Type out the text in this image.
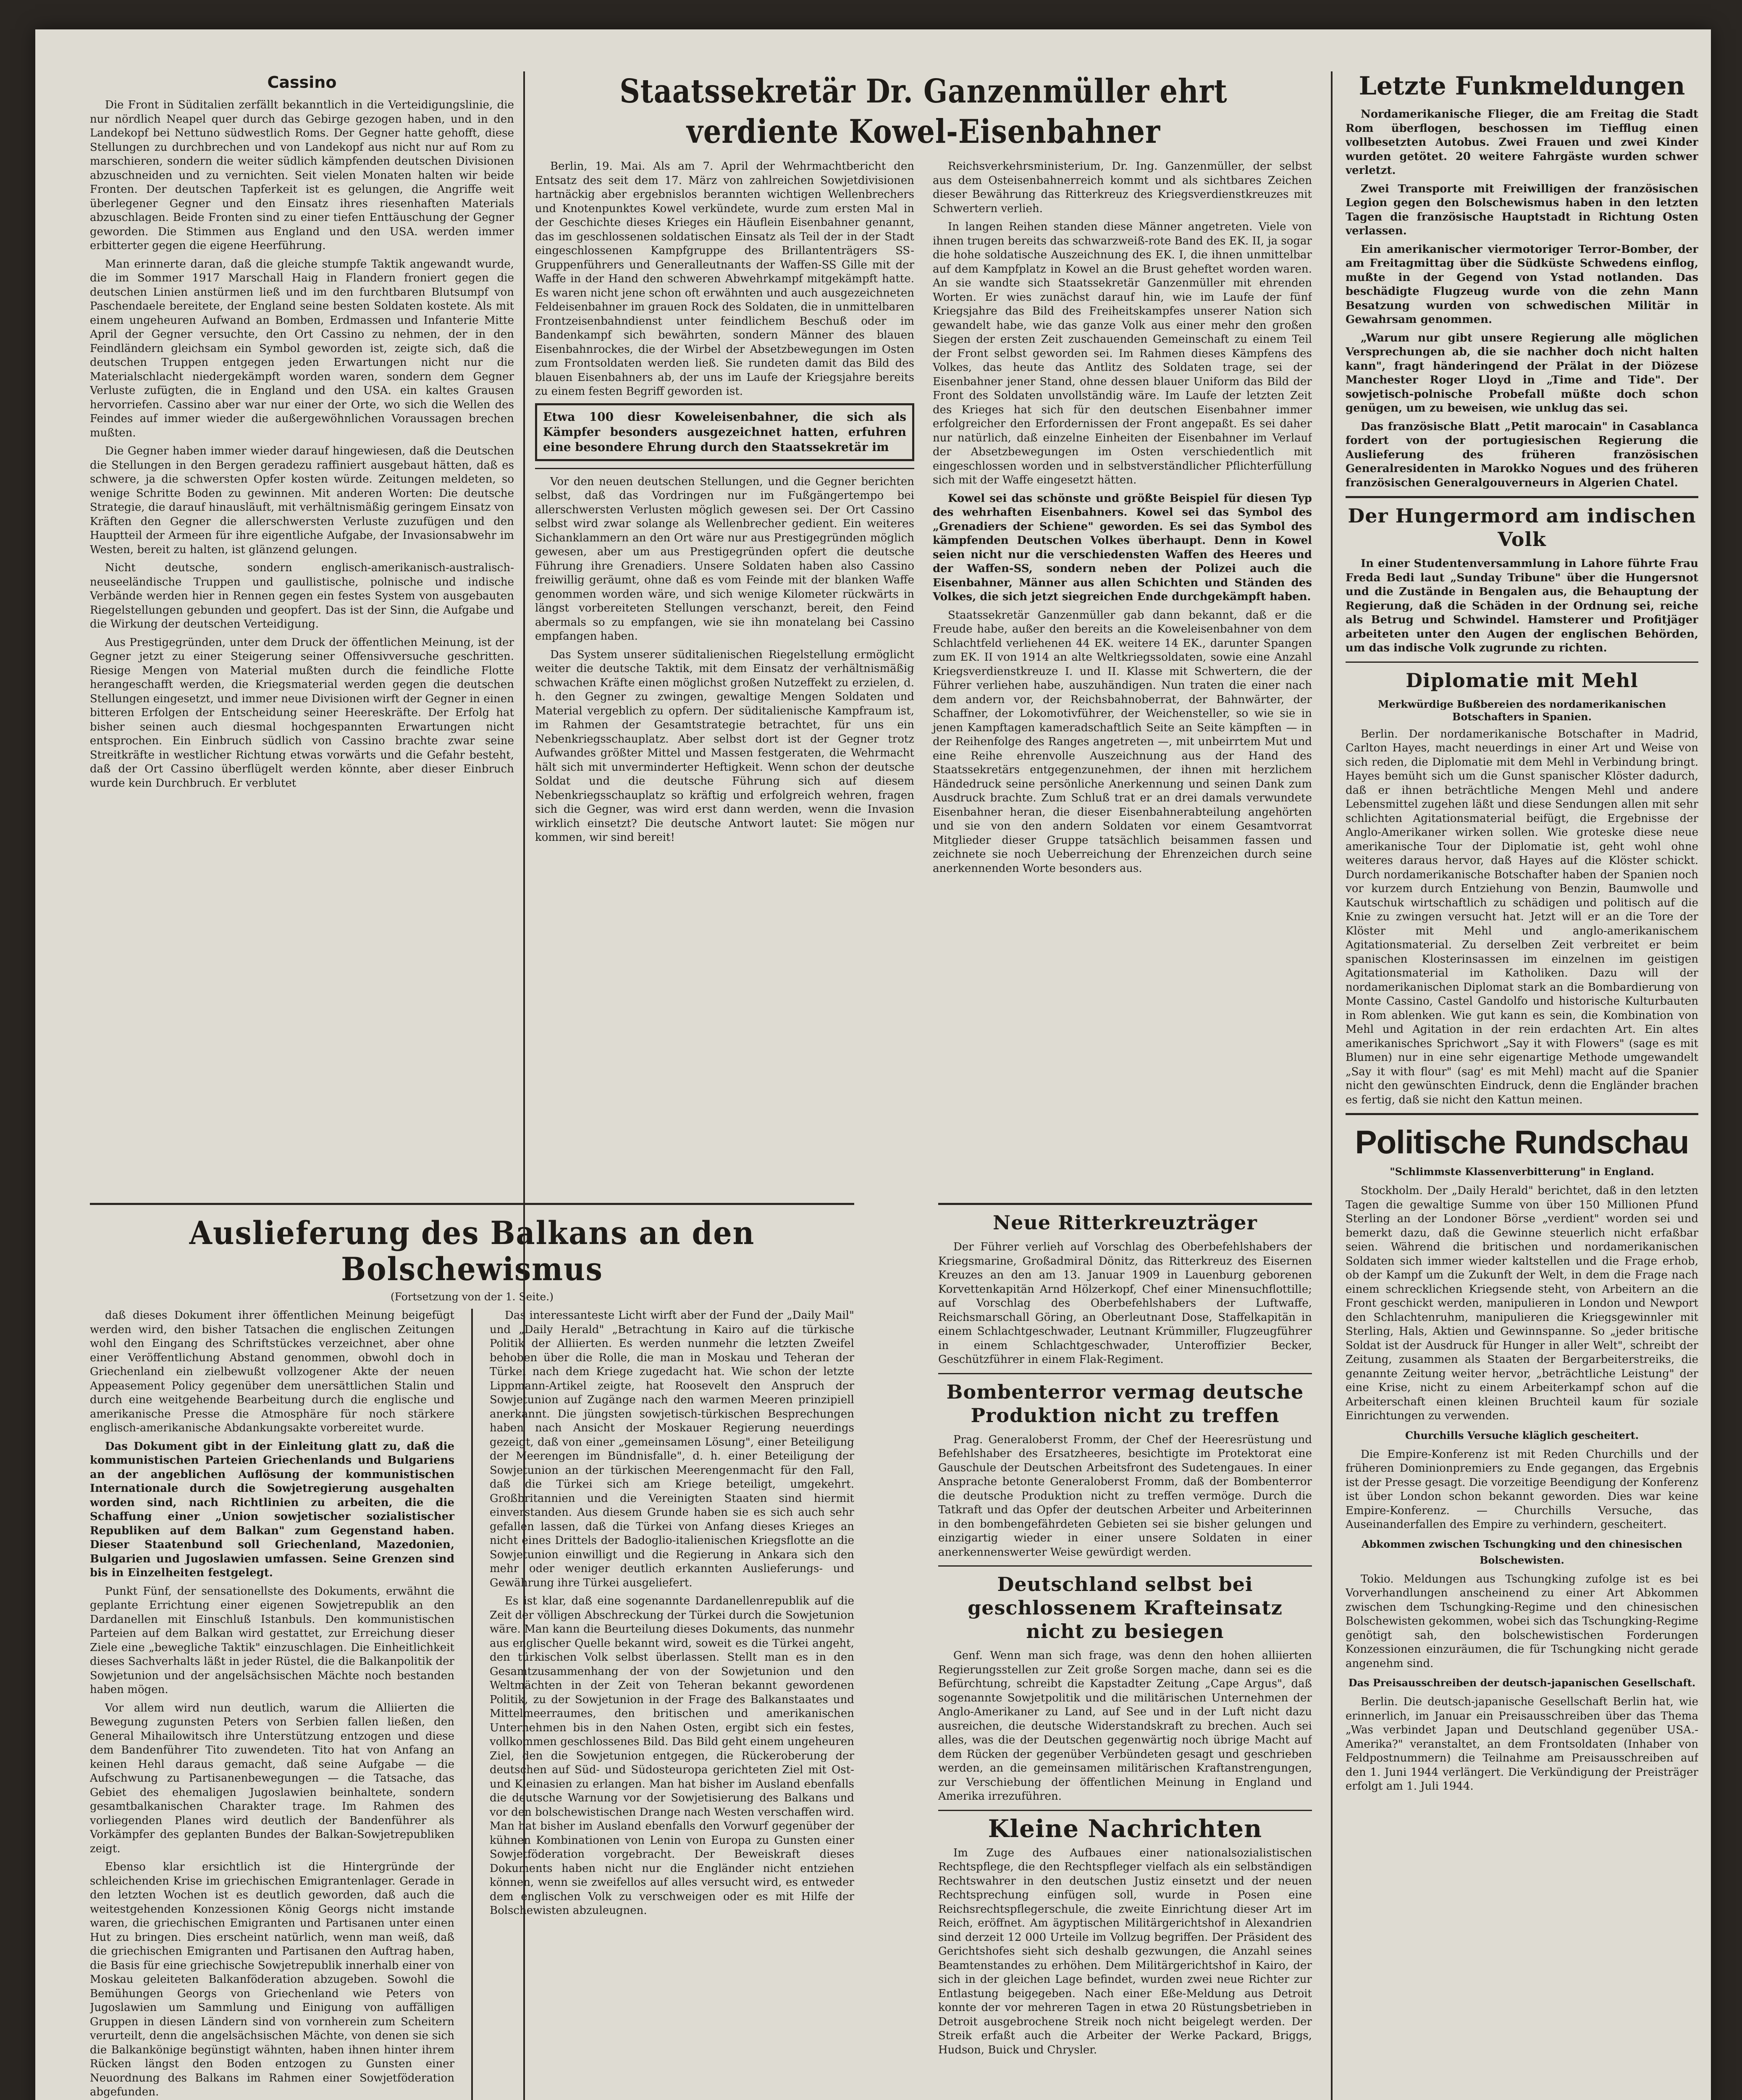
Cassino

Die Front in Süditalien zerfällt bekanntlich in die Verteidigungslinie, die nur nördlich Neapel quer durch das Gebirge gezogen haben, und in den Landekopf bei Nettuno südwestlich Roms. Der Gegner hatte gehofft, diese Stellungen zu durchbrechen und von Landekopf aus nicht nur auf Rom zu marschieren, sondern die weiter südlich kämpfenden deutschen Divisionen abzuschneiden und zu vernichten. Seit vielen Monaten halten wir beide Fronten. Der deutschen Tapferkeit ist es gelungen, die Angriffe weit überlegener Gegner und den Einsatz ihres riesenhaften Materials abzuschlagen. Beide Fronten sind zu einer tiefen Enttäuschung der Gegner geworden. Die Stimmen aus England und den USA. werden immer erbitterter gegen die eigene Heerführung.

Man erinnerte daran, daß die gleiche stumpfe Taktik angewandt wurde, die im Sommer 1917 Marschall Haig in Flandern froniert gegen die deutschen Linien anstürmen ließ und im den furchtbaren Blutsumpf von Paschendaele bereitete, der England seine besten Soldaten kostete. Als mit einem ungeheuren Aufwand an Bomben, Erdmassen und Infanterie Mitte April der Gegner versuchte, den Ort Cassino zu nehmen, der in den Feindländern gleichsam ein Symbol geworden ist, zeigte sich, daß die deutschen Truppen entgegen jeden Erwartungen nicht nur die Materialschlacht niedergekämpft worden waren, sondern dem Gegner Verluste zufügten, die in England und den USA. ein kaltes Grausen hervorriefen. Cassino aber war nur einer der Orte, wo sich die Wellen des Feindes auf immer wieder die außergewöhnlichen Voraussagen brechen mußten.

Die Gegner haben immer wieder darauf hingewiesen, daß die Deutschen die Stellungen in den Bergen geradezu raffiniert ausgebaut hätten, daß es schwere, ja die schwersten Opfer kosten würde. Zeitungen meldeten, so wenige Schritte Boden zu gewinnen. Mit anderen Worten: Die deutsche Strategie, die darauf hinausläuft, mit verhältnismäßig geringem Einsatz von Kräften den Gegner die allerschwersten Verluste zuzufügen und den Hauptteil der Armeen für ihre eigentliche Aufgabe, der Invasionsabwehr im Westen, bereit zu halten, ist glänzend gelungen.

Nicht deutsche, sondern englisch-amerikanisch-australisch-neuseeländische Truppen und gaullistische, polnische und indische Verbände werden hier in Rennen gegen ein festes System von ausgebauten Riegelstellungen gebunden und geopfert. Das ist der Sinn, die Aufgabe und die Wirkung der deutschen Verteidigung.

Aus Prestigegründen, unter dem Druck der öffentlichen Meinung, ist der Gegner jetzt zu einer Steigerung seiner Offensivversuche geschritten. Riesige Mengen von Material mußten durch die feindliche Flotte herangeschafft werden, die Kriegsmaterial werden gegen die deutschen Stellungen eingesetzt, und immer neue Divisionen wirft der Gegner in einen bitteren Erfolgen der Entscheidung seiner Heereskräfte. Der Erfolg hat bisher seinen auch diesmal hochgespannten Erwartungen nicht entsprochen. Ein Einbruch südlich von Cassino brachte zwar seine Streitkräfte in westlicher Richtung etwas vorwärts und die Gefahr besteht, daß der Ort Cassino überflügelt werden könnte, aber dieser Einbruch wurde kein Durchbruch. Er verblutet

Staatssekretär Dr. Ganzenmüller ehrt verdiente Kowel-Eisenbahner

Berlin, 19. Mai. Als am 7. April der Wehrmachtbericht den Entsatz des seit dem 17. März von zahlreichen Sowjetdivisionen hartnäckig aber ergebnislos berannten wichtigen Wellenbrechers und Knotenpunktes Kowel verkündete, wurde zum ersten Mal in der Geschichte dieses Krieges ein Häuflein Eisenbahner genannt, das im geschlossenen soldatischen Einsatz als Teil der in der Stadt eingeschlossenen Kampfgruppe des Brillantenträgers SS-Gruppenführers und Generalleutnants der Waffen-SS Gille mit der Waffe in der Hand den schweren Abwehrkampf mitgekämpft hatte. Es waren nicht jene schon oft erwähnten und auch ausgezeichneten Feldeisenbahner im grauen Rock des Soldaten, die in unmittelbaren Frontzeisenbahndienst unter feindlichem Beschuß oder im Bandenkampf sich bewährten, sondern Männer des blauen Eisenbahnrockes, die der Wirbel der Absetzbewegungen im Osten zum Frontsoldaten werden ließ. Sie rundeten damit das Bild des blauen Eisenbahners ab, der uns im Laufe der Kriegsjahre bereits zu einem festen Begriff geworden ist.

Etwa 100 diesr Koweleisenbahner, die sich als Kämpfer besonders ausgezeichnet hatten, erfuhren eine besondere Ehrung durch den Staatssekretär im

Vor den neuen deutschen Stellungen, und die Gegner berichten selbst, daß das Vordringen nur im Fußgängertempo bei allerschwersten Verlusten möglich gewesen sei. Der Ort Cassino selbst wird zwar solange als Wellenbrecher gedient. Ein weiteres Sichanklammern an den Ort wäre nur aus Prestigegründen möglich gewesen, aber um aus Prestigegründen opfert die deutsche Führung ihre Grenadiers. Unsere Soldaten haben also Cassino freiwillig geräumt, ohne daß es vom Feinde mit der blanken Waffe genommen worden wäre, und sich wenige Kilometer rückwärts in längst vorbereiteten Stellungen verschanzt, bereit, den Feind abermals so zu empfangen, wie sie ihn monatelang bei Cassino empfangen haben.

Das System unserer süditalienischen Riegelstellung ermöglicht weiter die deutsche Taktik, mit dem Einsatz der verhältnismäßig schwachen Kräfte einen möglichst großen Nutzeffekt zu erzielen, d. h. den Gegner zu zwingen, gewaltige Mengen Soldaten und Material vergeblich zu opfern. Der süditalienische Kampfraum ist, im Rahmen der Gesamtstrategie betrachtet, für uns ein Nebenkriegsschauplatz. Aber selbst dort ist der Gegner trotz Aufwandes größter Mittel und Massen festgeraten, die Wehrmacht hält sich mit unverminderter Heftigkeit. Wenn schon der deutsche Soldat und die deutsche Führung sich auf diesem Nebenkriegsschauplatz so kräftig und erfolgreich wehren, fragen sich die Gegner, was wird erst dann werden, wenn die Invasion wirklich einsetzt? Die deutsche Antwort lautet: Sie mögen nur kommen, wir sind bereit!

Reichsverkehrsministerium, Dr. Ing. Ganzenmüller, der selbst aus dem Osteisenbahnerreich kommt und als sichtbares Zeichen dieser Bewährung das Ritterkreuz des Kriegsverdienstkreuzes mit Schwertern verlieh.

In langen Reihen standen diese Männer angetreten. Viele von ihnen trugen bereits das schwarzweiß-rote Band des EK. II, ja sogar die hohe soldatische Auszeichnung des EK. I, die ihnen unmittelbar auf dem Kampfplatz in Kowel an die Brust geheftet worden waren. An sie wandte sich Staatssekretär Ganzenmüller mit ehrenden Worten. Er wies zunächst darauf hin, wie im Laufe der fünf Kriegsjahre das Bild des Freiheitskampfes unserer Nation sich gewandelt habe, wie das ganze Volk aus einer mehr den großen Siegen der ersten Zeit zuschauenden Gemeinschaft zu einem Teil der Front selbst geworden sei. Im Rahmen dieses Kämpfens des Volkes, das heute das Antlitz des Soldaten trage, sei der Eisenbahner jener Stand, ohne dessen blauer Uniform das Bild der Front des Soldaten unvollständig wäre. Im Laufe der letzten Zeit des Krieges hat sich für den deutschen Eisenbahner immer erfolgreicher den Erfordernissen der Front angepaßt. Es sei daher nur natürlich, daß einzelne Einheiten der Eisenbahner im Verlauf der Absetzbewegungen im Osten verschiedentlich mit eingeschlossen worden und in selbstverständlicher Pflichterfüllung sich mit der Waffe eingesetzt hätten.

Kowel sei das schönste und größte Beispiel für diesen Typ des wehrhaften Eisenbahners. Kowel sei das Symbol des „Grenadiers der Schiene" geworden. Es sei das Symbol des kämpfenden Deutschen Volkes überhaupt. Denn in Kowel seien nicht nur die verschiedensten Waffen des Heeres und der Waffen-SS, sondern neben der Polizei auch die Eisenbahner, Männer aus allen Schichten und Ständen des Volkes, die sich jetzt siegreichen Ende durchgekämpft haben.

Staatssekretär Ganzenmüller gab dann bekannt, daß er die Freude habe, außer den bereits an die Koweleisenbahner von dem Schlachtfeld verliehenen 44 EK. weitere 14 EK., darunter Spangen zum EK. II von 1914 an alte Weltkriegssoldaten, sowie eine Anzahl Kriegsverdienstkreuze I. und II. Klasse mit Schwertern, die der Führer verliehen habe, auszuhändigen. Nun traten die einer nach dem andern vor, der Reichsbahnoberrat, der Bahnwärter, der Schaffner, der Lokomotivführer, der Weichensteller, so wie sie in jenen Kampftagen kameradschaftlich Seite an Seite kämpften — in der Reihenfolge des Ranges angetreten —, mit unbeirrtem Mut und eine Reihe ehrenvolle Auszeichnung aus der Hand des Staatssekretärs entgegenzunehmen, der ihnen mit herzlichem Händedruck seine persönliche Anerkennung und seinen Dank zum Ausdruck brachte. Zum Schluß trat er an drei damals verwundete Eisenbahner heran, die dieser Eisenbahnerabteilung angehörten und sie von den andern Soldaten vor einem Gesamtvorrat Mitglieder dieser Gruppe tatsächlich beisammen fassen und zeichnete sie noch Ueberreichung der Ehrenzeichen durch seine anerkennenden Worte besonders aus.

Auslieferung des Balkans an den Bolschewismus
(Fortsetzung von der 1. Seite.)

daß dieses Dokument ihrer öffentlichen Meinung beigefügt werden wird, den bisher Tatsachen die englischen Zeitungen wohl den Eingang des Schriftstückes verzeichnet, aber ohne einer Veröffentlichung Abstand genommen, obwohl doch in Griechenland ein zielbewußt vollzogener Akte der neuen Appeasement Policy gegenüber dem unersättlichen Stalin und durch eine weitgehende Bearbeitung durch die englische und amerikanische Presse die Atmosphäre für noch stärkere englisch-amerikanische Abdankungsakte vorbereitet wurde.

Das Dokument gibt in der Einleitung glatt zu, daß die kommunistischen Parteien Griechenlands und Bulgariens an der angeblichen Auflösung der kommunistischen Internationale durch die Sowjetregierung ausgehalten worden sind, nach Richtlinien zu arbeiten, die die Schaffung einer „Union sowjetischer sozialistischer Republiken auf dem Balkan" zum Gegenstand haben. Dieser Staatenbund soll Griechenland, Mazedonien, Bulgarien und Jugoslawien umfassen. Seine Grenzen sind bis in Einzelheiten festgelegt.

Punkt Fünf, der sensationellste des Dokuments, erwähnt die geplante Errichtung einer eigenen Sowjetrepublik an den Dardanellen mit Einschluß Istanbuls. Den kommunistischen Parteien auf dem Balkan wird gestattet, zur Erreichung dieser Ziele eine „bewegliche Taktik" einzuschlagen. Die Einheitlichkeit dieses Sachverhalts läßt in jeder Rüstel, die die Balkanpolitik der Sowjetunion und der angelsächsischen Mächte noch bestanden haben mögen.

Vor allem wird nun deutlich, warum die Alliierten die Bewegung zugunsten Peters von Serbien fallen ließen, den General Mihailowitsch ihre Unterstützung entzogen und diese dem Bandenführer Tito zuwendeten. Tito hat von Anfang an keinen Hehl daraus gemacht, daß seine Aufgabe — die Aufschwung zu Partisanenbewegungen — die Tatsache, das Gebiet des ehemaligen Jugoslawien beinhaltete, sondern gesamtbalkanischen Charakter trage. Im Rahmen des vorliegenden Planes wird deutlich der Bandenführer als Vorkämpfer des geplanten Bundes der Balkan-Sowjetrepubliken zeigt.

Ebenso klar ersichtlich ist die Hintergründe der schleichenden Krise im griechischen Emigrantenlager. Gerade in den letzten Wochen ist es deutlich geworden, daß auch die weitestgehenden Konzessionen König Georgs nicht imstande waren, die griechischen Emigranten und Partisanen unter einen Hut zu bringen. Dies erscheint natürlich, wenn man weiß, daß die griechischen Emigranten und Partisanen den Auftrag haben, die Basis für eine griechische Sowjetrepublik innerhalb einer von Moskau geleiteten Balkanföderation abzugeben. Sowohl die Bemühungen Georgs von Griechenland wie Peters von Jugoslawien um Sammlung und Einigung von auffälligen Gruppen in diesen Ländern sind von vornherein zum Scheitern verurteilt, denn die angelsächsischen Mächte, von denen sie sich die Balkankönige begünstigt wähnten, haben ihnen hinter ihrem Rücken längst den Boden entzogen zu Gunsten einer Neuordnung des Balkans im Rahmen einer Sowjetföderation abgefunden.

Das interessanteste Licht wirft aber der Fund der „Daily Mail" und „Daily Herald" „Betrachtung in Kairo auf die türkische Politik der Alliierten. Es werden nunmehr die letzten Zweifel behoben über die Rolle, die man in Moskau und Teheran der Türkei nach dem Kriege zugedacht hat. Wie schon der letzte Lippmann-Artikel zeigte, hat Roosevelt den Anspruch der Sowjetunion auf Zugänge nach den warmen Meeren prinzipiell anerkannt. Die jüngsten sowjetisch-türkischen Besprechungen haben nach Ansicht der Moskauer Regierung neuerdings gezeigt, daß von einer „gemeinsamen Lösung", einer Beteiligung der Meerengen im Bündnisfalle", d. h. einer Beteiligung der Sowjetunion an der türkischen Meerengenmacht für den Fall, daß die Türkei sich am Kriege beteiligt, umgekehrt. Großbritannien und die Vereinigten Staaten sind hiermit einverstanden. Aus diesem Grunde haben sie es sich auch sehr gefallen lassen, daß die Türkei von Anfang dieses Krieges an nicht eines Drittels der Badoglio-italienischen Kriegsflotte an die Sowjetunion einwilligt und die Regierung in Ankara sich den mehr oder weniger deutlich erkannten Auslieferungs- und Gewährung ihre Türkei ausgeliefert.

Es ist klar, daß eine sogenannte Dardanellenrepublik auf die Zeit der völligen Abschreckung der Türkei durch die Sowjetunion wäre. Man kann die Beurteilung dieses Dokuments, das nunmehr aus englischer Quelle bekannt wird, soweit es die Türkei angeht, den türkischen Volk selbst überlassen. Stellt man es in den Gesamtzusammenhang der von der Sowjetunion und den Weltmächten in der Zeit von Teheran bekannt gewordenen Politik, zu der Sowjetunion in der Frage des Balkanstaates und Mittelmeerraumes, den britischen und amerikanischen Unternehmen bis in den Nahen Osten, ergibt sich ein festes, vollkommen geschlossenes Bild. Das Bild geht einem ungeheuren Ziel, den die Sowjetunion entgegen, die Rückeroberung der deutschen auf Süd- und Südosteuropa gerichteten Ziel mit Ost- und Kleinasien zu erlangen. Man hat bisher im Ausland ebenfalls die deutsche Warnung vor der Sowjetisierung des Balkans und vor den bolschewistischen Drange nach Westen verschaffen wird. Man hat bisher im Ausland ebenfalls den Vorwurf gegenüber der kühnen Kombinationen von Lenin von Europa zu Gunsten einer Sowjetföderation vorgebracht. Der Beweiskraft dieses Dokuments haben nicht nur die Engländer nicht entziehen können, wenn sie zweifellos auf alles versucht wird, es entweder dem englischen Volk zu verschweigen oder es mit Hilfe der Bolschewisten abzuleugnen.

Neue Ritterkreuzträger

Der Führer verlieh auf Vorschlag des Oberbefehlshabers der Kriegsmarine, Großadmiral Dönitz, das Ritterkreuz des Eisernen Kreuzes an den am 13. Januar 1909 in Lauenburg geborenen Korvettenkapitän Arnd Hölzerkopf, Chef einer Minensuchflottille; auf Vorschlag des Oberbefehlshabers der Luftwaffe, Reichsmarschall Göring, an Oberleutnant Dose, Staffelkapitän in einem Schlachtgeschwader, Leutnant Krümmiller, Flugzeugführer in einem Schlachtgeschwader, Unteroffizier Becker, Geschützführer in einem Flak-Regiment.

Bombenterror vermag deutsche Produktion nicht zu treffen

Prag. Generaloberst Fromm, der Chef der Heeresrüstung und Befehlshaber des Ersatzheeres, besichtigte im Protektorat eine Gauschule der Deutschen Arbeitsfront des Sudetengaues. In einer Ansprache betonte Generaloberst Fromm, daß der Bombenterror die deutsche Produktion nicht zu treffen vermöge. Durch die Tatkraft und das Opfer der deutschen Arbeiter und Arbeiterinnen in den bombengefährdeten Gebieten sei sie bisher gelungen und einzigartig wieder in einer unsere Soldaten in einer anerkennenswerter Weise gewürdigt werden.

Deutschland selbst bei geschlossenem Krafteinsatz nicht zu besiegen

Genf. Wenn man sich frage, was denn den hohen alliierten Regierungsstellen zur Zeit große Sorgen mache, dann sei es die Befürchtung, schreibt die Kapstadter Zeitung „Cape Argus", daß sogenannte Sowjetpolitik und die militärischen Unternehmen der Anglo-Amerikaner zu Land, auf See und in der Luft nicht dazu ausreichen, die deutsche Widerstandskraft zu brechen. Auch sei alles, was die der Deutschen gegenwärtig noch übrige Macht auf dem Rücken der gegenüber Verbündeten gesagt und geschrieben werden, an die gemeinsamen militärischen Kraftanstrengungen, zur Verschiebung der öffentlichen Meinung in England und Amerika irrezuführen.

Kleine Nachrichten

Im Zuge des Aufbaues einer nationalsozialistischen Rechtspflege, die den Rechtspfleger vielfach als ein selbständigen Rechtswahrer in den deutschen Justiz einsetzt und der neuen Rechtsprechung einfügen soll, wurde in Posen eine Reichsrechtspflegerschule, die zweite Einrichtung dieser Art im Reich, eröffnet. Am ägyptischen Militärgerichtshof in Alexandrien sind derzeit 12 000 Urteile im Vollzug begriffen. Der Präsident des Gerichtshofes sieht sich deshalb gezwungen, die Anzahl seines Beamtenstandes zu erhöhen. Dem Militärgerichtshof in Kairo, der sich in der gleichen Lage befindet, wurden zwei neue Richter zur Entlastung beigegeben. Nach einer Eße-Meldung aus Detroit konnte der vor mehreren Tagen in etwa 20 Rüstungsbetrieben in Detroit ausgebrochene Streik noch nicht beigelegt werden. Der Streik erfaßt auch die Arbeiter der Werke Packard, Briggs, Hudson, Buick und Chrysler.

Letzte Funkmeldungen

Nordamerikanische Flieger, die am Freitag die Stadt Rom überflogen, beschossen im Tiefflug einen vollbesetzten Autobus. Zwei Frauen und zwei Kinder wurden getötet. 20 weitere Fahrgäste wurden schwer verletzt.

Zwei Transporte mit Freiwilligen der französischen Legion gegen den Bolschewismus haben in den letzten Tagen die französische Hauptstadt in Richtung Osten verlassen.

Ein amerikanischer viermotoriger Terror-Bomber, der am Freitagmittag über die Südküste Schwedens einflog, mußte in der Gegend von Ystad notlanden. Das beschädigte Flugzeug wurde von die zehn Mann Besatzung wurden von schwedischen Militär in Gewahrsam genommen.

„Warum nur gibt unsere Regierung alle möglichen Versprechungen ab, die sie nachher doch nicht halten kann", fragt händeringend der Prälat in der Diözese Manchester Roger Lloyd in „Time and Tide". Der sowjetisch-polnische Probefall müßte doch schon genügen, um zu beweisen, wie unklug das sei.

Das französische Blatt „Petit marocain" in Casablanca fordert von der portugiesischen Regierung die Auslieferung des früheren französischen Generalresidenten in Marokko Nogues und des früheren französischen Generalgouverneurs in Algerien Chatel.

Der Hungermord am indischen Volk

In einer Studentenversammlung in Lahore führte Frau Freda Bedi laut „Sunday Tribune" über die Hungersnot und die Zustände in Bengalen aus, die Behauptung der Regierung, daß die Schäden in der Ordnung sei, reiche als Betrug und Schwindel. Hamsterer und Profitjäger arbeiteten unter den Augen der englischen Behörden, um das indische Volk zugrunde zu richten.

Diplomatie mit Mehl
Merkwürdige Bußbereien des nordamerikanischen Botschafters in Spanien.

Berlin. Der nordamerikanische Botschafter in Madrid, Carlton Hayes, macht neuerdings in einer Art und Weise von sich reden, die Diplomatie mit dem Mehl in Verbindung bringt. Hayes bemüht sich um die Gunst spanischer Klöster dadurch, daß er ihnen beträchtliche Mengen Mehl und andere Lebensmittel zugehen läßt und diese Sendungen allen mit sehr schlichten Agitationsmaterial beifügt, die Ergebnisse der Anglo-Amerikaner wirken sollen. Wie groteske diese neue amerikanische Tour der Diplomatie ist, geht wohl ohne weiteres daraus hervor, daß Hayes auf die Klöster schickt. Durch nordamerikanische Botschafter haben der Spanien noch vor kurzem durch Entziehung von Benzin, Baumwolle und Kautschuk wirtschaftlich zu schädigen und politisch auf die Knie zu zwingen versucht hat. Jetzt will er an die Tore der Klöster mit Mehl und anglo-amerikanischem Agitationsmaterial. Zu derselben Zeit verbreitet er beim spanischen Klosterinsassen im einzelnen im geistigen Agitationsmaterial im Katholiken. Dazu will der nordamerikanischen Diplomat stark an die Bombardierung von Monte Cassino, Castel Gandolfo und historische Kulturbauten in Rom ablenken. Wie gut kann es sein, die Kombination von Mehl und Agitation in der rein erdachten Art. Ein altes amerikanisches Sprichwort „Say it with Flowers" (sage es mit Blumen) nur in eine sehr eigenartige Methode umgewandelt „Say it with flour" (sag' es mit Mehl) macht auf die Spanier nicht den gewünschten Eindruck, denn die Engländer brachen es fertig, daß sie nicht den Kattun meinen.

Politische Rundschau
"Schlimmste Klassenverbitterung" in England.

Stockholm. Der „Daily Herald" berichtet, daß in den letzten Tagen die gewaltige Summe von über 150 Millionen Pfund Sterling an der Londoner Börse „verdient" worden sei und bemerkt dazu, daß die Gewinne steuerlich nicht erfaßbar seien. Während die britischen und nordamerikanischen Soldaten sich immer wieder kaltstellen und die Frage erhob, ob der Kampf um die Zukunft der Welt, in dem die Frage nach einem schrecklichen Kriegsende steht, von Arbeitern an die Front geschickt werden, manipulieren in London und Newport den Schlachtenruhm, manipulieren die Kriegsgewinnler mit Sterling, Hals, Aktien und Gewinnspanne. So „jeder britische Soldat ist der Ausdruck für Hunger in aller Welt", schreibt der Zeitung, zusammen als Staaten der Bergarbeiterstreiks, die genannte Zeitung weiter hervor, „beträchtliche Leistung" der eine Krise, nicht zu einem Arbeiterkampf schon auf die Arbeiterschaft einen kleinen Bruchteil kaum für soziale Einrichtungen zu verwenden.

Churchills Versuche kläglich gescheitert.

Die Empire-Konferenz ist mit Reden Churchills und der früheren Dominionpremiers zu Ende gegangen, das Ergebnis ist der Presse gesagt. Die vorzeitige Beendigung der Konferenz ist über London schon bekannt geworden. Dies war keine Empire-Konferenz. — Churchills Versuche, das Auseinanderfallen des Empire zu verhindern, gescheitert.

Abkommen zwischen Tschungking und den chinesischen Bolschewisten.

Tokio. Meldungen aus Tschungking zufolge ist es bei Vorverhandlungen anscheinend zu einer Art Abkommen zwischen dem Tschungking-Regime und den chinesischen Bolschewisten gekommen, wobei sich das Tschungking-Regime genötigt sah, den bolschewistischen Forderungen Konzessionen einzuräumen, die für Tschungking nicht gerade angenehm sind.

Das Preisausschreiben der deutsch-japanischen Gesellschaft.

Berlin. Die deutsch-japanische Gesellschaft Berlin hat, wie erinnerlich, im Januar ein Preisausschreiben über das Thema „Was verbindet Japan und Deutschland gegenüber USA.-Amerika?" veranstaltet, an dem Frontsoldaten (Inhaber von Feldpostnummern) die Teilnahme am Preisausschreiben auf den 1. Juni 1944 verlängert. Die Verkündigung der Preisträger erfolgt am 1. Juli 1944.
